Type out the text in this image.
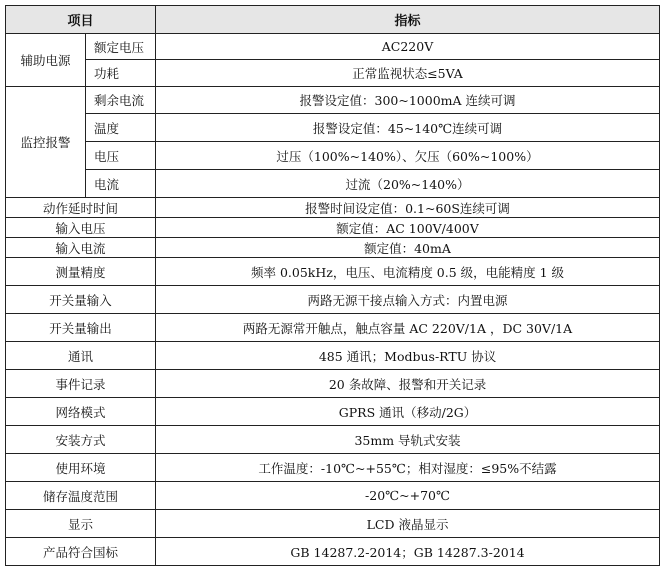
项目		指标
辅助电源	额定电压	AC220V
	功耗	正常监视状态≤5VA
监控报警	剩余电流	报警设定值：300~1000mA 连续可调
	温度	报警设定值：45~140℃连续可调
	电压	过压（100%~140%）、欠压（60%~100%）
	电流	过流（20%~140%）
动作延时时间		报警时间设定值：0.1~60S连续可调
输入电压		额定值：AC 100V/400V
输入电流		额定值：40mA
测量精度		频率 0.05kHz，电压、电流精度 0.5 级，电能精度 1 级
开关量输入		两路无源干接点输入方式：内置电源
开关量输出		两路无源常开触点，触点容量 AC 220V/1A ，DC 30V/1A
通讯		485 通讯；Modbus-RTU 协议
事件记录		20 条故障、报警和开关记录
网络模式		GPRS 通讯（移动/2G）
安装方式		35mm 导轨式安装
使用环境		工作温度：-10℃~+55℃；相对湿度：≤95%不结露
储存温度范围		-20℃~+70℃
显示		LCD 液晶显示
产品符合国标		GB 14287.2-2014；GB 14287.3-2014
